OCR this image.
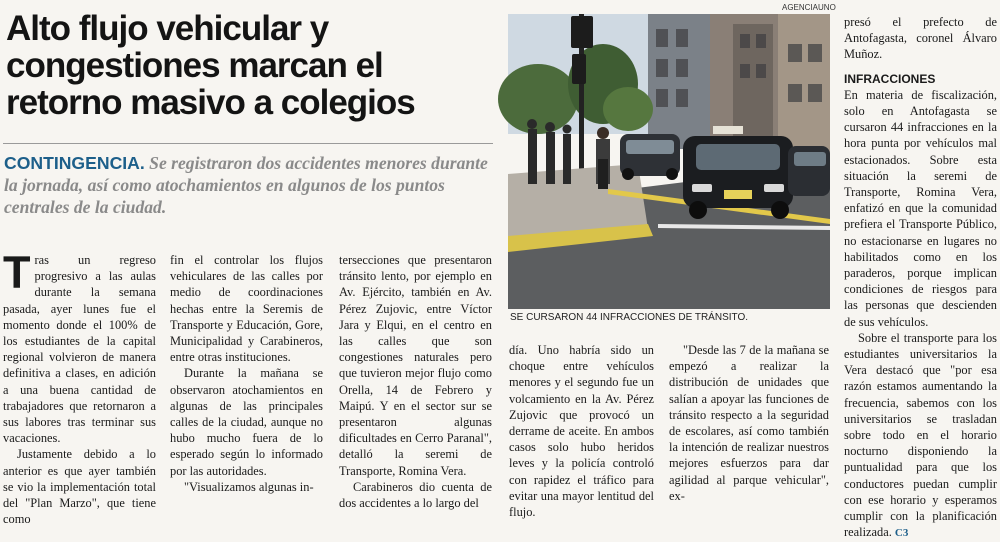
Alto flujo vehicular y congestiones marcan el retorno masivo a colegios

CONTINGENCIA. Se registraron dos accidentes menores durante la jornada, así como atochamientos en algunos de los puntos centrales de la ciudad.

Tras un regreso progresivo a las aulas durante la semana pasada, ayer lunes fue el momento donde el 100% de los estudiantes de la capital regional volvieron de manera definitiva a clases, en adición a una buena cantidad de trabajadores que retornaron a sus labores tras terminar sus vacaciones.

Justamente debido a lo anterior es que ayer también se vio la implementación total del "Plan Marzo", que tiene como

fin el controlar los flujos vehiculares de las calles por medio de coordinaciones hechas entre la Seremis de Transporte y Educación, Gore, Municipalidad y Carabineros, entre otras instituciones.

Durante la mañana se observaron atochamientos en algunas de las principales calles de la ciudad, aunque no hubo mucho fuera de lo esperado según lo informado por las autoridades.

"Visualizamos algunas in-

tersecciones que presentaron tránsito lento, por ejemplo en Av. Ejército, también en Av. Pérez Zujovic, entre Víctor Jara y Elqui, en el centro en las calles que son congestiones naturales pero que tuvieron mejor flujo como Orella, 14 de Febrero y Maipú. Y en el sector sur se presentaron algunas dificultades en Cerro Paranal", detalló la seremi de Transporte, Romina Vera.

Carabineros dio cuenta de dos accidentes a lo largo del

día. Uno habría sido un choque entre vehículos menores y el segundo fue un volcamiento en la Av. Pérez Zujovic que provocó un derrame de aceite. En ambos casos solo hubo heridos leves y la policía controló con rapidez el tráfico para evitar una mayor lentitud del flujo.

"Desde las 7 de la mañana se empezó a realizar la distribución de unidades que salían a apoyar las funciones de tránsito respecto a la seguridad de escolares, así como también la intención de realizar nuestros mejores esfuerzos para dar agilidad al parque vehicular", ex-

presó el prefecto de Antofagasta, coronel Álvaro Muñoz.

INFRACCIONES

En materia de fiscalización, solo en Antofagasta se cursaron 44 infracciones en la hora punta por vehículos mal estacionados. Sobre esta situación la seremi de Transporte, Romina Vera, enfatizó en que la comunidad prefiera el Transporte Público, no estacionarse en lugares no habilitados como en los paraderos, porque implican condiciones de riesgos para las personas que descienden de sus vehículos.

Sobre el transporte para los estudiantes universitarios la Vera destacó que "por esa razón estamos aumentando la frecuencia, sabemos con los universitarios se trasladan sobre todo en el horario nocturno disponiendo la puntualidad para que los conductores puedan cumplir con ese horario y esperamos cumplir con la planificación realizada. C3

AGENCIAUNO
SE CURSARON 44 INFRACCIONES DE TRÁNSITO.
